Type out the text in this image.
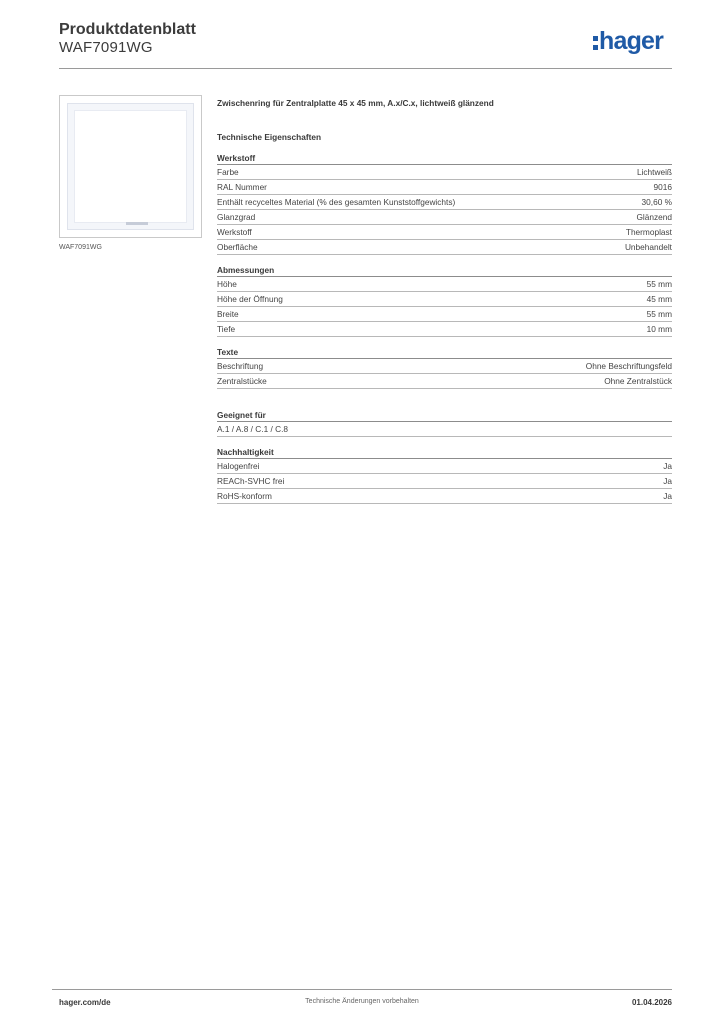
Produktdatenblatt
WAF7091WG	hager
WAF7091WG
Zwischenring für Zentralplatte 45 x 45 mm, A.x/C.x, lichtweiß glänzend
Technische Eigenschaften
Werkstoff
Farbe	Lichtweiß
RAL Nummer	9016
Enthält recyceltes Material (% des gesamten Kunststoffgewichts)	30,60 %
Glanzgrad	Glänzend
Werkstoff	Thermoplast
Oberfläche	Unbehandelt
Abmessungen
Höhe	55 mm
Höhe der Öffnung	45 mm
Breite	55 mm
Tiefe	10 mm
Texte
Beschriftung	Ohne Beschriftungsfeld
Zentralstücke	Ohne Zentralstück
Geeignet für
A.1 / A.8 / C.1 / C.8
Nachhaltigkeit
Halogenfrei	Ja
REACh-SVHC frei	Ja
RoHS-konform	Ja
hager.com/de	Technische Änderungen vorbehalten	01.04.2026
